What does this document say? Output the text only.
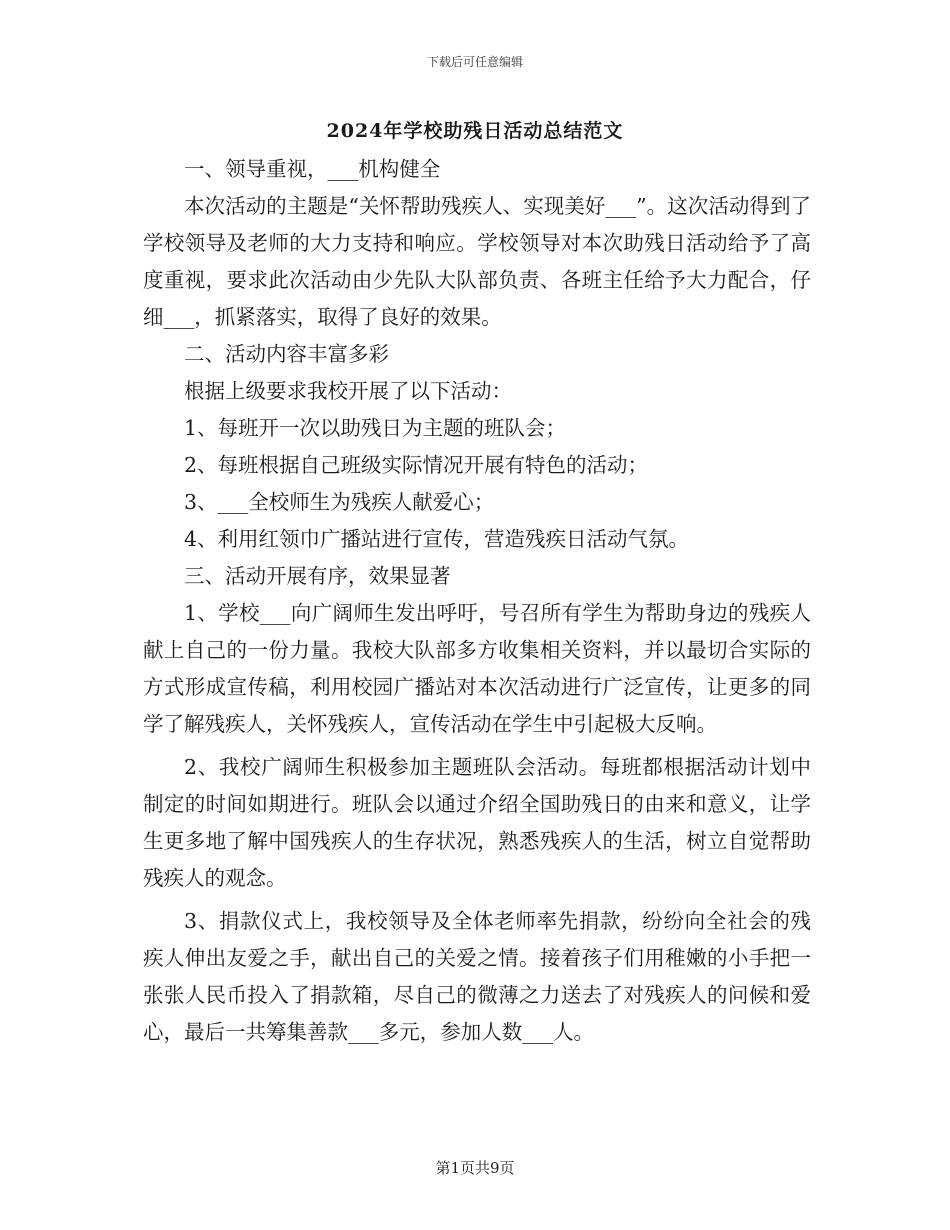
下载后可任意编辑
2024年学校助残日活动总结范文

一、领导重视，___机构健全

本次活动的主题是“关怀帮助残疾人、实现美好___”。这次活动得到了学校领导及老师的大力支持和响应。学校领导对本次助残日活动给予了高度重视，要求此次活动由少先队大队部负责、各班主任给予大力配合，仔细___，抓紧落实，取得了良好的效果。

二、活动内容丰富多彩

根据上级要求我校开展了以下活动：

1、每班开一次以助残日为主题的班队会；

2、每班根据自己班级实际情况开展有特色的活动；

3、___全校师生为残疾人献爱心；

4、利用红领巾广播站进行宣传，营造残疾日活动气氛。

三、活动开展有序，效果显著

1、学校___向广阔师生发出呼吁，号召所有学生为帮助身边的残疾人献上自己的一份力量。我校大队部多方收集相关资料，并以最切合实际的方式形成宣传稿，利用校园广播站对本次活动进行广泛宣传，让更多的同学了解残疾人，关怀残疾人，宣传活动在学生中引起极大反响。

2、我校广阔师生积极参加主题班队会活动。每班都根据活动计划中制定的时间如期进行。班队会以通过介绍全国助残日的由来和意义，让学生更多地了解中国残疾人的生存状况，熟悉残疾人的生活，树立自觉帮助残疾人的观念。

3、捐款仪式上，我校领导及全体老师率先捐款，纷纷向全社会的残疾人伸出友爱之手，献出自己的关爱之情。接着孩子们用稚嫩的小手把一张张人民币投入了捐款箱，尽自己的微薄之力送去了对残疾人的问候和爱心，最后一共筹集善款___多元，参加人数___人。

第1页共9页
